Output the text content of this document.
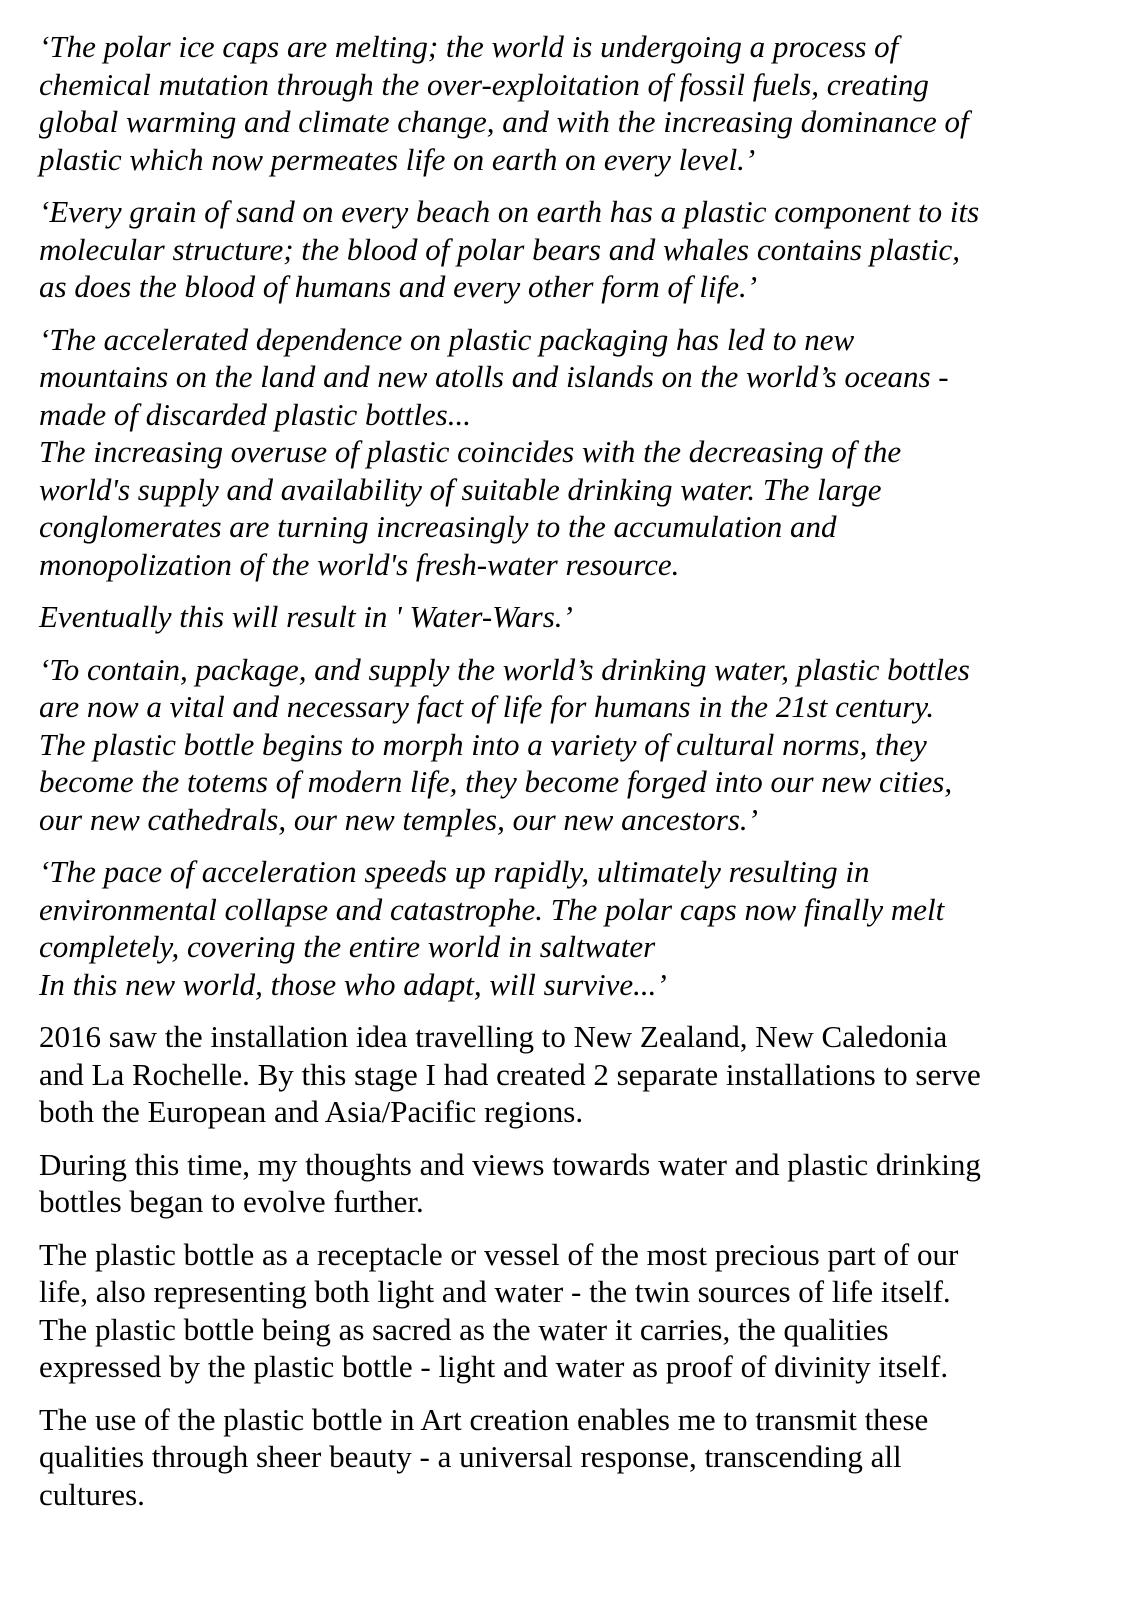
‘The polar ice caps are melting; the world is undergoing a process of
chemical mutation through the over-exploitation of fossil fuels, creating
global warming and climate change, and with the increasing dominance of
plastic which now permeates life on earth on every level.’

‘Every grain of sand on every beach on earth has a plastic component to its
molecular structure; the blood of polar bears and whales contains plastic,
as does the blood of humans and every other form of life.’

‘The accelerated dependence on plastic packaging has led to new
mountains on the land and new atolls and islands on the world’s oceans -
made of discarded plastic bottles...
The increasing overuse of plastic coincides with the decreasing of the
world's supply and availability of suitable drinking water. The large
conglomerates are turning increasingly to the accumulation and
monopolization of the world's fresh-water resource.

Eventually this will result in ' Water-Wars.’

‘To contain, package, and supply the world’s drinking water, plastic bottles
are now a vital and necessary fact of life for humans in the 21st century.
The plastic bottle begins to morph into a variety of cultural norms, they
become the totems of modern life, they become forged into our new cities,
our new cathedrals, our new temples, our new ancestors.’

‘The pace of acceleration speeds up rapidly, ultimately resulting in
environmental collapse and catastrophe. The polar caps now finally melt
completely, covering the entire world in saltwater
In this new world, those who adapt, will survive...’

2016 saw the installation idea travelling to New Zealand, New Caledonia
and La Rochelle. By this stage I had created 2 separate installations to serve
both the European and Asia/Pacific regions.

During this time, my thoughts and views towards water and plastic drinking
bottles began to evolve further.

The plastic bottle as a receptacle or vessel of the most precious part of our
life, also representing both light and water - the twin sources of life itself.
The plastic bottle being as sacred as the water it carries, the qualities
expressed by the plastic bottle - light and water as proof of divinity itself.

The use of the plastic bottle in Art creation enables me to transmit these
qualities through sheer beauty - a universal response, transcending all
cultures.
